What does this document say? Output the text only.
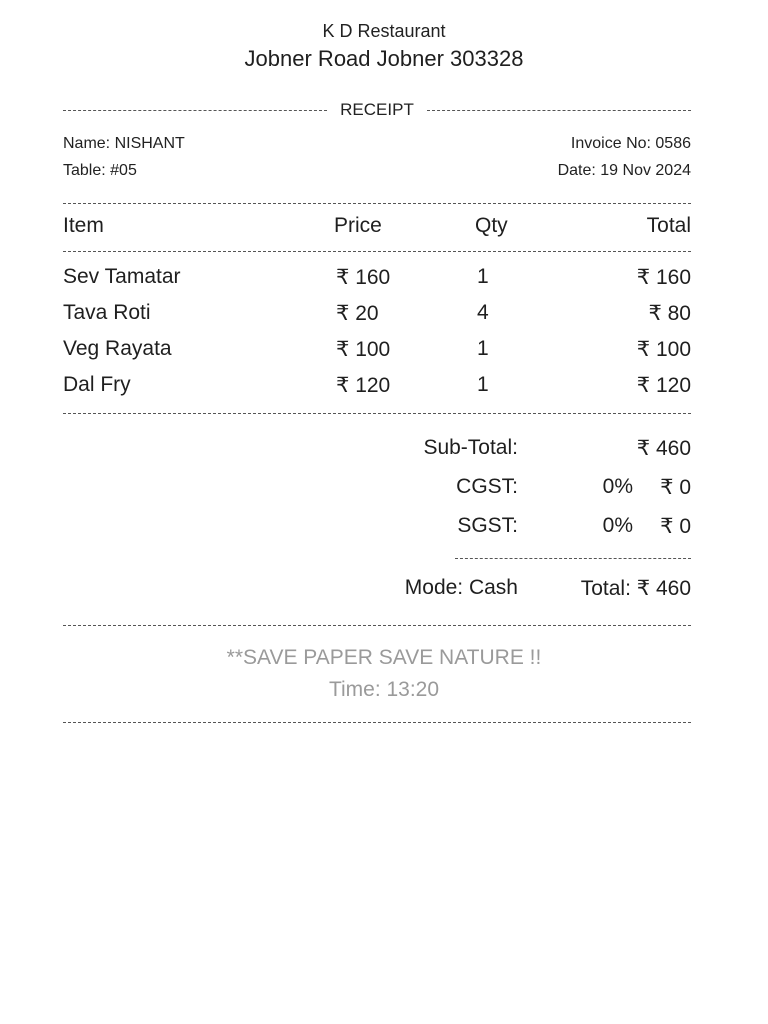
K D Restaurant
Jobner Road Jobner 303328
RECEIPT
Name: NISHANT
Table: #05
Invoice No: 0586
Date: 19 Nov 2024
Item	Price	Qty	Total
Sev Tamatar	₹ 160	1	₹ 160
Tava Roti	₹ 20	4	₹ 80
Veg Rayata	₹ 100	1	₹ 100
Dal Fry	₹ 120	1	₹ 120
Sub-Total:	₹ 460
CGST:	0% ₹ 0
SGST:	0% ₹ 0
Mode: Cash	Total: ₹ 460
**SAVE PAPER SAVE NATURE !!
Time: 13:20
